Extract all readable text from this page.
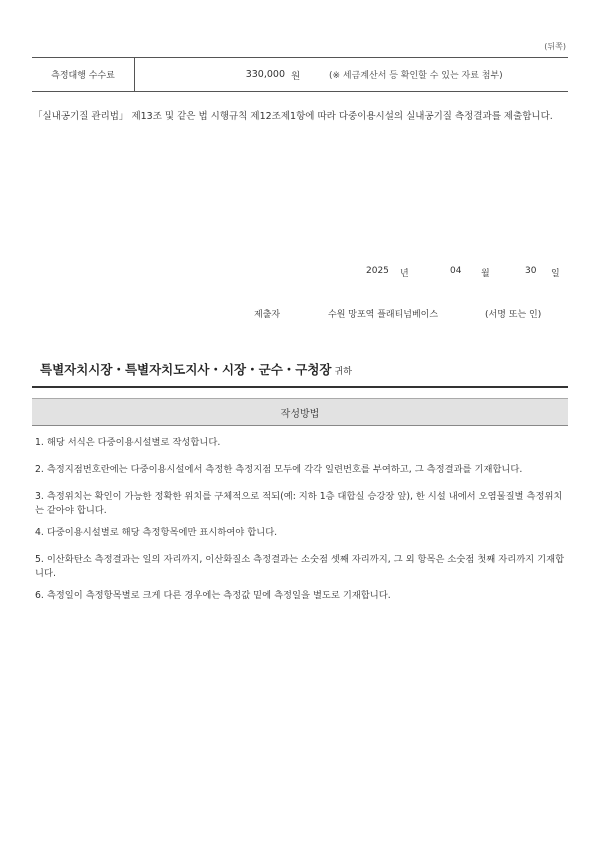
(뒤쪽)
측정대행 수수료	330,000 원	(※ 세금계산서 등 확인할 수 있는 자료 첨부)
「실내공기질 관리법」 제13조 및 같은 법 시행규칙 제12조제1항에 따라 다중이용시설의 실내공기질 측정결과를 제출합니다.
2025 년	04 월	30 일
제출자	수원 망포역 플래티넘베이스	(서명 또는 인)
특별자치시장・특별자치도지사・시장・군수・구청장 귀하
작성방법
1. 해당 서식은 다중이용시설별로 작성합니다.
2. 측정지점번호란에는 다중이용시설에서 측정한 측정지점 모두에 각각 일련번호를 부여하고, 그 측정결과를 기재합니다.
3. 측정위치는 확인이 가능한 정확한 위치를 구체적으로 적되(예: 지하 1층 대합실 승강장 앞), 한 시설 내에서 오염물질별 측정위치는 같아야 합니다.
4. 다중이용시설별로 해당 측정항목에만 표시하여야 합니다.
5. 이산화탄소 측정결과는 일의 자리까지, 이산화질소 측정결과는 소숫점 셋째 자리까지, 그 외 항목은 소숫점 첫째 자리까지 기재합니다.
6. 측정일이 측정항목별로 크게 다른 경우에는 측정값 밑에 측정일을 별도로 기재합니다.
